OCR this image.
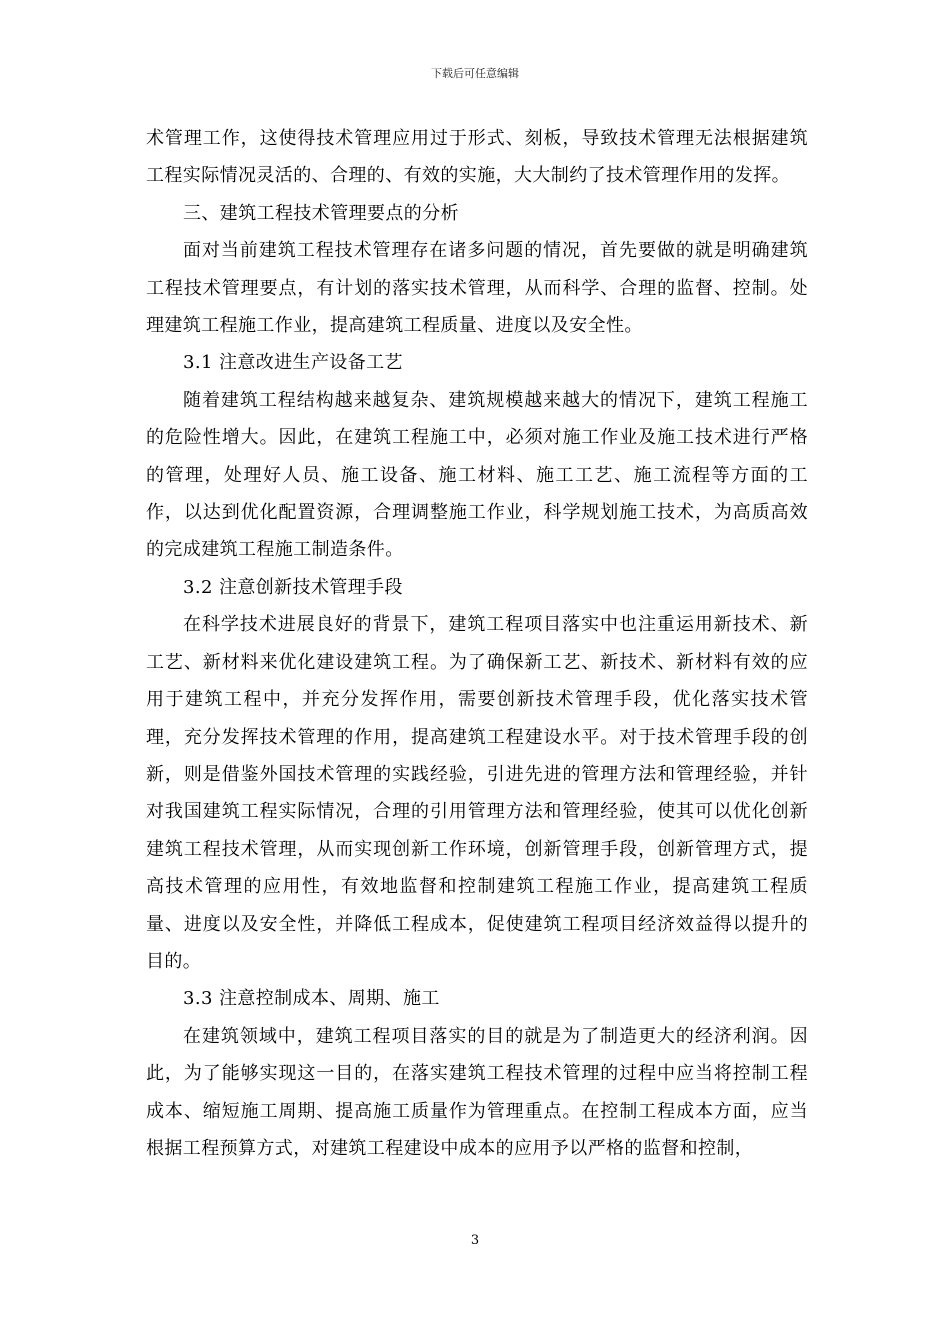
下载后可任意编辑

术管理工作，这使得技术管理应用过于形式、刻板，导致技术管理无法根据建筑工程实际情况灵活的、合理的、有效的实施，大大制约了技术管理作用的发挥。

三、建筑工程技术管理要点的分析

面对当前建筑工程技术管理存在诸多问题的情况，首先要做的就是明确建筑工程技术管理要点，有计划的落实技术管理，从而科学、合理的监督、控制。处理建筑工程施工作业，提高建筑工程质量、进度以及安全性。

3.1 注意改进生产设备工艺

随着建筑工程结构越来越复杂、建筑规模越来越大的情况下，建筑工程施工的危险性增大。因此，在建筑工程施工中，必须对施工作业及施工技术进行严格的管理，处理好人员、施工设备、施工材料、施工工艺、施工流程等方面的工作，以达到优化配置资源，合理调整施工作业，科学规划施工技术，为高质高效的完成建筑工程施工制造条件。

3.2 注意创新技术管理手段

在科学技术进展良好的背景下，建筑工程项目落实中也注重运用新技术、新工艺、新材料来优化建设建筑工程。为了确保新工艺、新技术、新材料有效的应用于建筑工程中，并充分发挥作用，需要创新技术管理手段，优化落实技术管理，充分发挥技术管理的作用，提高建筑工程建设水平。对于技术管理手段的创新，则是借鉴外国技术管理的实践经验，引进先进的管理方法和管理经验，并针对我国建筑工程实际情况，合理的引用管理方法和管理经验，使其可以优化创新建筑工程技术管理，从而实现创新工作环境，创新管理手段，创新管理方式，提高技术管理的应用性，有效地监督和控制建筑工程施工作业，提高建筑工程质量、进度以及安全性，并降低工程成本，促使建筑工程项目经济效益得以提升的目的。

3.3 注意控制成本、周期、施工

在建筑领域中，建筑工程项目落实的目的就是为了制造更大的经济利润。因此，为了能够实现这一目的，在落实建筑工程技术管理的过程中应当将控制工程成本、缩短施工周期、提高施工质量作为管理重点。在控制工程成本方面，应当根据工程预算方式，对建筑工程建设中成本的应用予以严格的监督和控制，

3
